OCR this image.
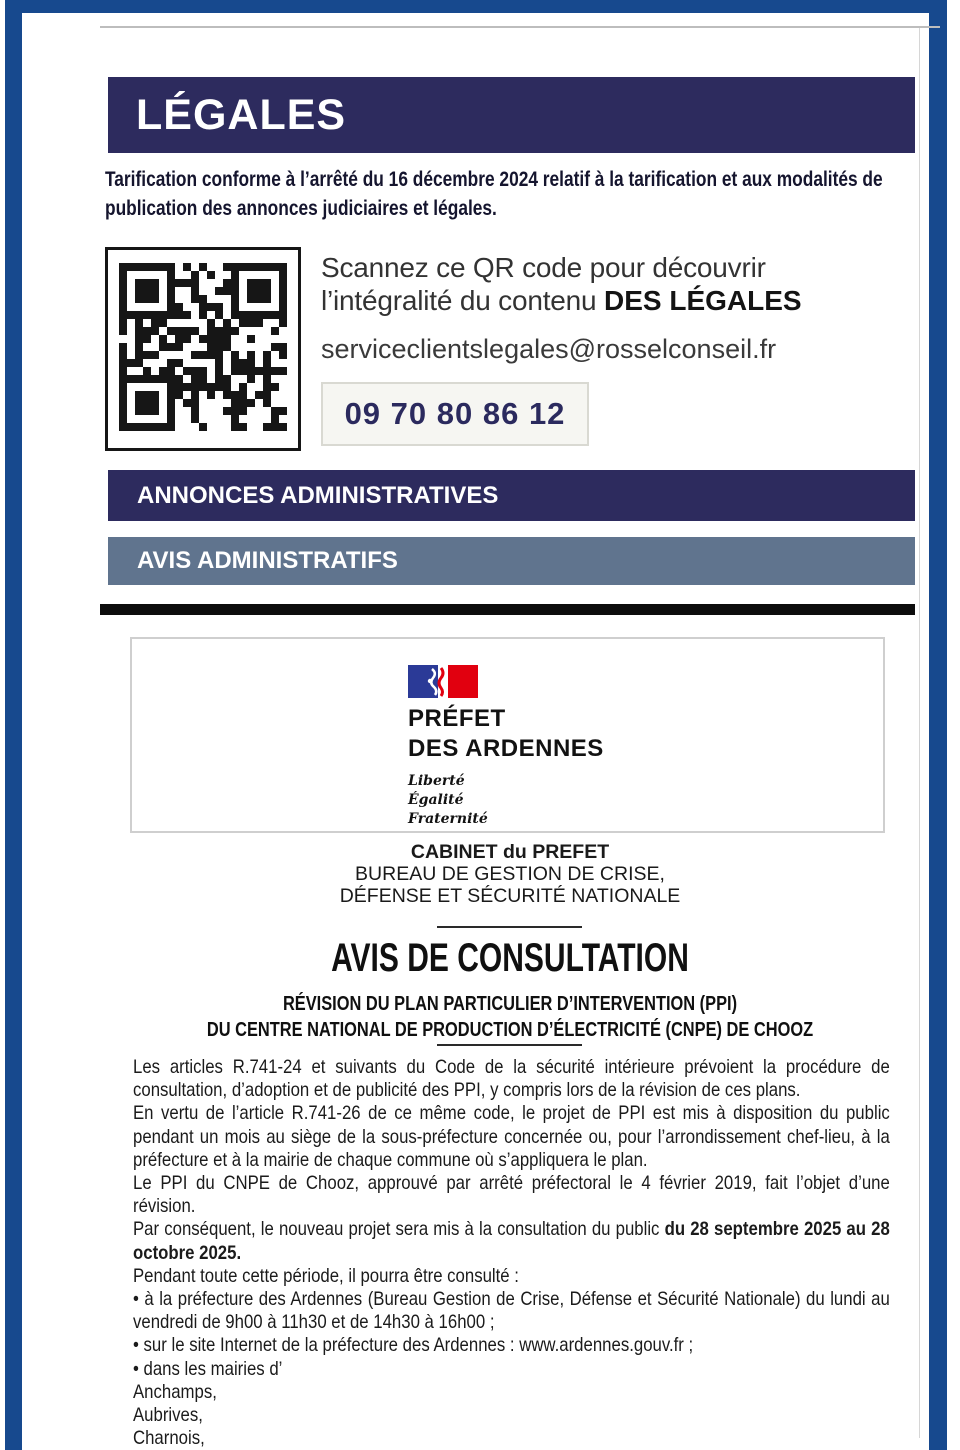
LÉGALES
Tarification conforme à l’arrêté du 16 décembre 2024 relatif à la tarification et aux modalités de publication des annonces judiciaires et légales.
Scannez ce QR code pour découvrir
l’intégralité du contenu DES LÉGALES
serviceclientslegales@rosselconseil.fr
09 70 80 86 12
ANNONCES ADMINISTRATIVES
AVIS ADMINISTRATIFS
PRÉFET
DES ARDENNES
Liberté
Égalité
Fraternité
CABINET du PREFET
BUREAU DE GESTION DE CRISE,
DÉFENSE ET SÉCURITÉ NATIONALE
AVIS DE CONSULTATION
RÉVISION DU PLAN PARTICULIER D’INTERVENTION (PPI)
DU CENTRE NATIONAL DE PRODUCTION D’ÉLECTRICITÉ (CNPE) DE CHOOZ

Les articles R.741-24 et suivants du Code de la sécurité intérieure prévoient la procédure de consultation, d’adoption et de publicité des PPI, y compris lors de la révision de ces plans.

En vertu de l’article R.741-26 de ce même code, le projet de PPI est mis à disposition du public pendant un mois au siège de la sous-préfecture concernée ou, pour l’arrondissement chef-lieu, à la préfecture et à la mairie de chaque commune où s’appliquera le plan.

Le PPI du CNPE de Chooz, approuvé par arrêté préfectoral le 4 février 2019, fait l’objet d’une révision.

Par conséquent, le nouveau projet sera mis à la consultation du public du 28 septembre 2025 au 28 octobre 2025.

Pendant toute cette période, il pourra être consulté :

• à la préfecture des Ardennes (Bureau Gestion de Crise, Défense et Sécurité Nationale) du lundi au vendredi de 9h00 à 11h30 et de 14h30 à 16h00 ;

• sur le site Internet de la préfecture des Ardennes : www.ardennes.gouv.fr ;

• dans les mairies d’

Anchamps,

Aubrives,

Charnois,
